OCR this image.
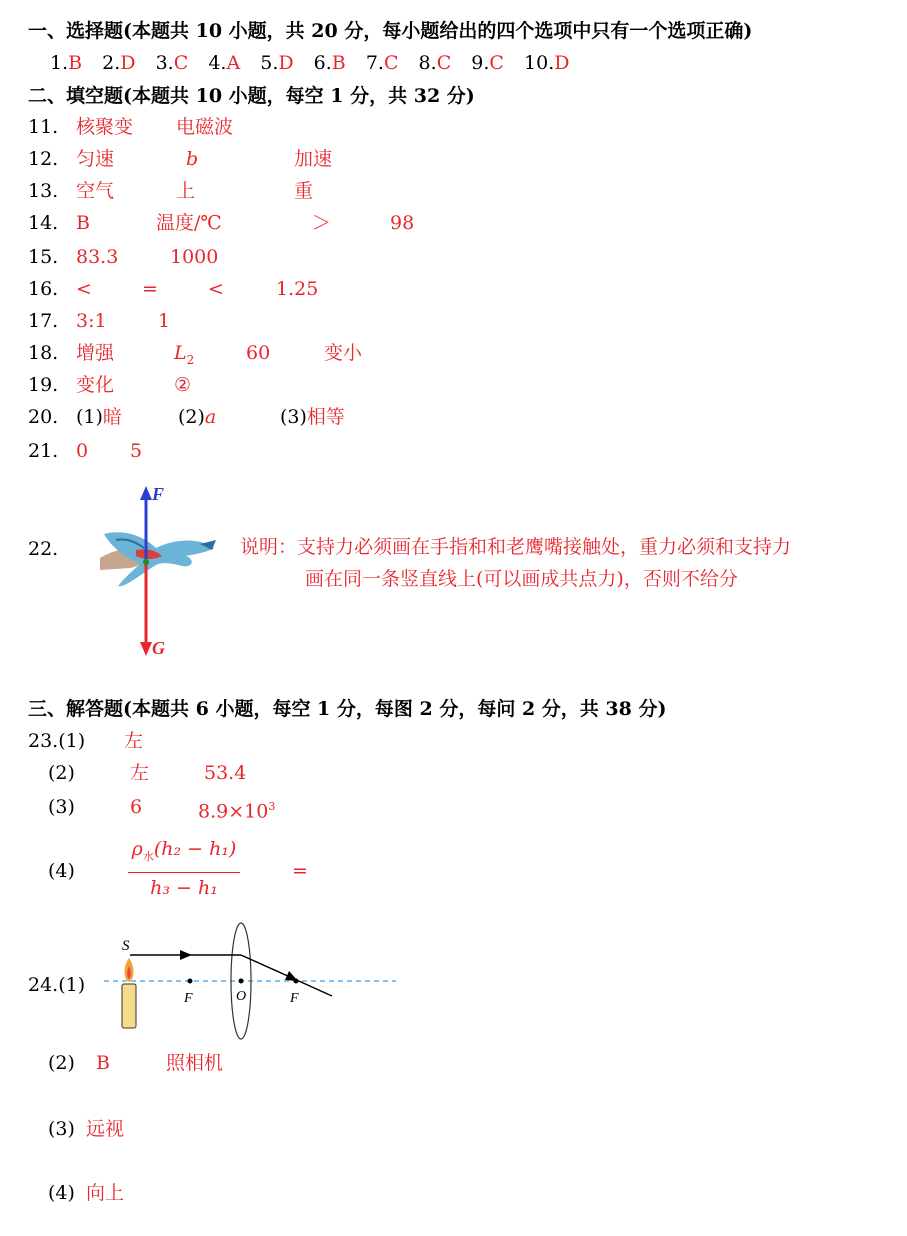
一、选择题(本题共 10 小题，共 20 分，每小题给出的四个选项中只有一个选项正确)
1.B 2.D 3.C 4.A 5.D 6.B 7.C 8.C 9.C 10.D
二、填空题(本题共 10 小题，每空 1 分，共 32 分)
11. 核聚变 电磁波
12. 匀速	b	加速
13. 空气	上	重
14. B	温度/℃	＞	98
15. 83.3	1000
16. <	=	<	1.25
17. 3:1	1
18. 增强	$L_2$	60	变小
19. 变化	②
20. (1)暗	(2)a	(3)相等
21. 0 5
22.
F
G
说明：支持力必须画在手指和和老鹰嘴接触处，重力必须和支持力
画在同一条竖直线上(可以画成共点力)，否则不给分
三、解答题(本题共 6 小题，每空 1 分，每图 2 分，每问 2 分，共 38 分)
23.(1) 左
(2)	左	53.4
(3)	6	$8.9\times 10^3$
(4)
$\rho_水(h_2 - h_1)$
h₃ − h₁
=
24.(1)
S
F	O	F
(2) B	照相机
(3) 远视
(4) 向上
